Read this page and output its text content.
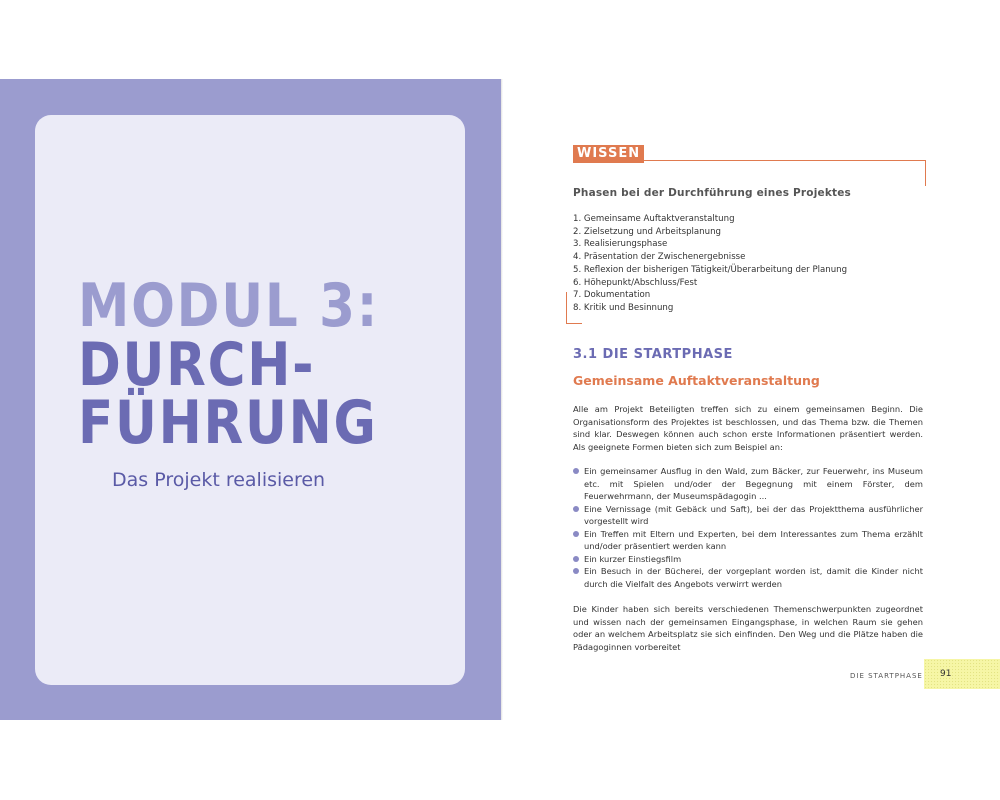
MODUL 3:
DURCH-
FÜHRUNG

Das Projekt realisieren

WISSEN
Phasen bei der Durchführung eines Projektes
1. Gemeinsame Auftaktveranstaltung
2. Zielsetzung und Arbeitsplanung
3. Realisierungsphase
4. Präsentation der Zwischenergebnisse
5. Reflexion der bisherigen Tätigkeit/Überarbeitung der Planung
6. Höhepunkt/Abschluss/Fest
7. Dokumentation
8. Kritik und Besinnung
3.1 DIE STARTPHASE
Gemeinsame Auftaktveranstaltung

Alle am Projekt Beteiligten treffen sich zu einem gemeinsamen Beginn. Die Organisationsform des Projektes ist beschlossen, und das Thema bzw. die Themen sind klar. Deswegen können auch schon erste Informationen präsentiert werden. Als geeignete Formen bieten sich zum Beispiel an:

Ein gemeinsamer Ausflug in den Wald, zum Bäcker, zur Feuerwehr, ins Museum etc. mit Spielen und/oder der Begegnung mit einem Förster, dem Feuerwehrmann, der Museumspädagogin ...
Eine Vernissage (mit Gebäck und Saft), bei der das Projektthema ausführlicher vorgestellt wird
Ein Treffen mit Eltern und Experten, bei dem Interessantes zum Thema erzählt und/oder präsentiert werden kann
Ein kurzer Einstiegsfilm
Ein Besuch in der Bücherei, der vorgeplant worden ist, damit die Kinder nicht durch die Vielfalt des Angebots verwirrt werden

Die Kinder haben sich bereits verschiedenen Themenschwerpunkten zugeordnet und wissen nach der gemeinsamen Eingangsphase, in welchen Raum sie gehen oder an welchem Arbeitsplatz sie sich einfinden. Den Weg und die Plätze haben die Pädagoginnen vorbereitet

DIE STARTPHASE 91
